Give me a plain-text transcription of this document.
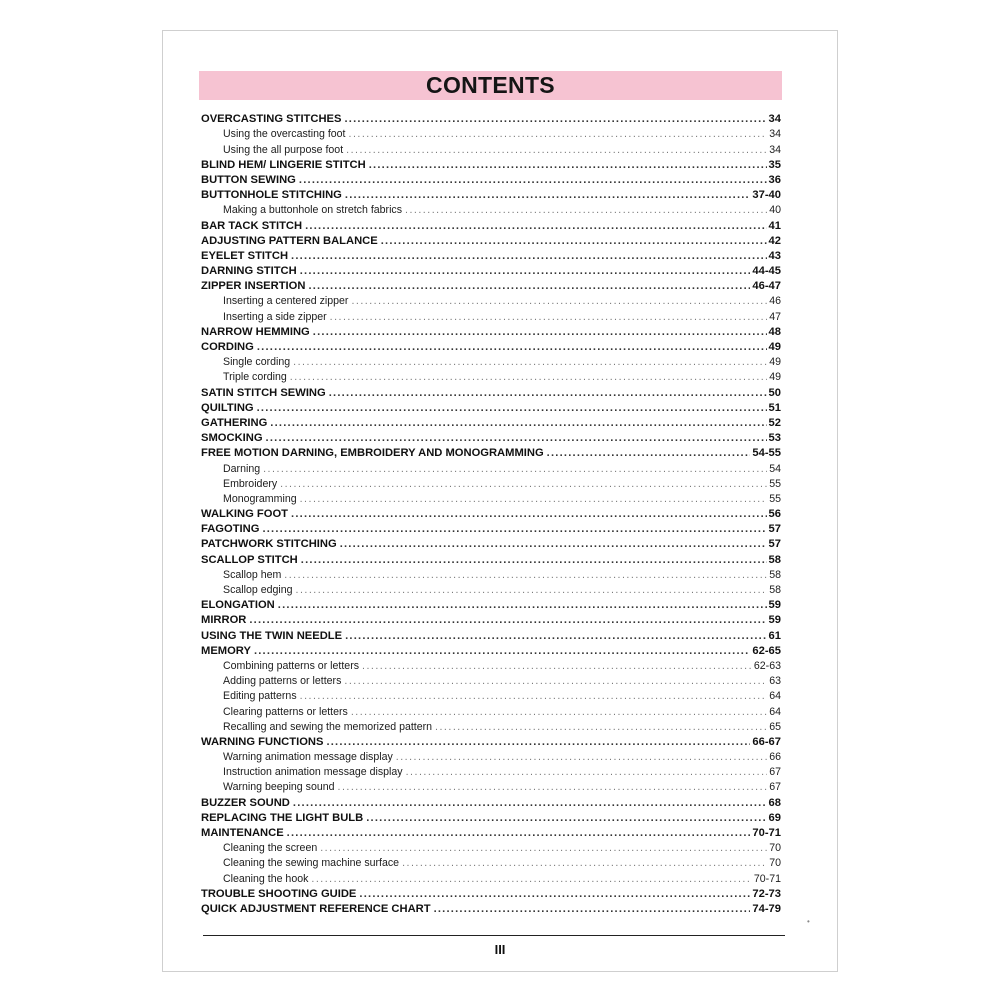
CONTENTS
OVERCASTING STITCHES .....	34
Using the overcasting foot .....	34
Using the all purpose foot .....	34
BLIND HEM/ LINGERIE STITCH .....	35
BUTTON SEWING .....	36
BUTTONHOLE STITCHING .....	37-40
Making a buttonhole on stretch fabrics .....	40
BAR TACK STITCH .....	41
ADJUSTING PATTERN BALANCE .....	42
EYELET STITCH .....	43
DARNING STITCH .....	44-45
ZIPPER INSERTION .....	46-47
Inserting a centered zipper .....	46
Inserting a side zipper .....	47
NARROW HEMMING .....	48
CORDING .....	49
Single cording .....	49
Triple cording .....	49
SATIN STITCH SEWING .....	50
QUILTING .....	51
GATHERING .....	52
SMOCKING .....	53
FREE MOTION DARNING, EMBROIDERY AND MONOGRAMMING .....	54-55
Darning .....	54
Embroidery .....	55
Monogramming .....	55
WALKING FOOT .....	56
FAGOTING .....	57
PATCHWORK STITCHING .....	57
SCALLOP STITCH .....	58
Scallop hem .....	58
Scallop edging .....	58
ELONGATION .....	59
MIRROR .....	59
USING THE TWIN NEEDLE .....	61
MEMORY .....	62-65
Combining patterns or letters .....	62-63
Adding patterns or letters .....	63
Editing patterns .....	64
Clearing patterns or letters .....	64
Recalling and sewing the memorized pattern .....	65
WARNING FUNCTIONS .....	66-67
Warning animation message display .....	66
Instruction animation message display .....	67
Warning beeping sound .....	67
BUZZER SOUND .....	68
REPLACING THE LIGHT BULB .....	69
MAINTENANCE .....	70-71
Cleaning the screen .....	70
Cleaning the sewing machine surface .....	70
Cleaning the hook .....	70-71
TROUBLE SHOOTING GUIDE .....	72-73
QUICK ADJUSTMENT REFERENCE CHART .....	74-79
III
•
